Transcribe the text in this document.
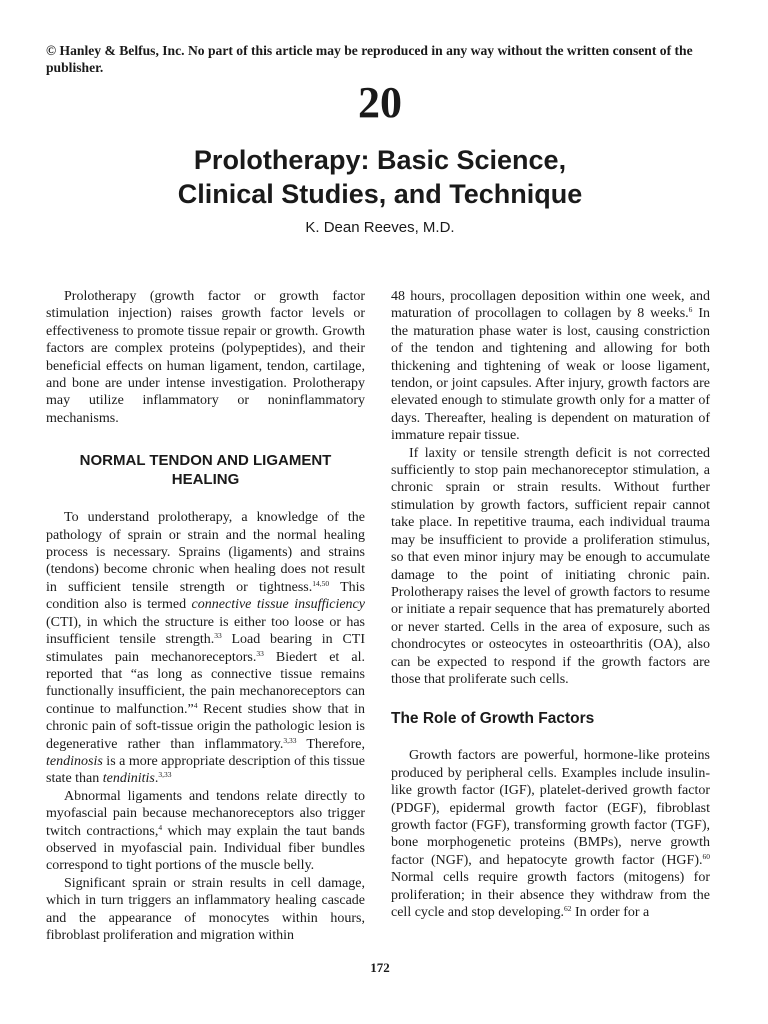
© Hanley & Belfus, Inc. No part of this article may be reproduced in any way without the written consent of the publisher.
20
Prolotherapy: Basic Science,
Clinical Studies, and Technique
K. Dean Reeves, M.D.

Prolotherapy (growth factor or growth factor stimulation injection) raises growth factor levels or effectiveness to promote tissue repair or growth. Growth factors are complex proteins (polypeptides), and their beneficial effects on human ligament, tendon, cartilage, and bone are under intense investigation. Prolotherapy may utilize inflammatory or noninflammatory mechanisms.

NORMAL TENDON AND LIGAMENT HEALING

To understand prolotherapy, a knowledge of the pathology of sprain or strain and the normal healing process is necessary. Sprains (ligaments) and strains (tendons) become chronic when healing does not result in sufficient tensile strength or tightness.$^{14,50}$ This condition also is termed connective tissue insufficiency (CTI), in which the structure is either too loose or has insufficient tensile strength.$^{33}$ Load bearing in CTI stimulates pain mechanoreceptors.$^{33}$ Biedert et al. reported that “as long as connective tissue remains functionally insufficient, the pain mechanoreceptors can continue to malfunction.”$^4$ Recent studies show that in chronic pain of soft-tissue origin the pathologic lesion is degenerative rather than inflammatory.$^{3,33}$ Therefore, tendinosis is a more appropriate description of this tissue state than tendinitis.$^{3,33}$

Abnormal ligaments and tendons relate directly to myofascial pain because mechanoreceptors also trigger twitch contractions,$^4$ which may explain the taut bands observed in myofascial pain. Individual fiber bundles correspond to tight portions of the muscle belly.

Significant sprain or strain results in cell damage, which in turn triggers an inflammatory healing cascade and the appearance of monocytes within hours, fibroblast proliferation and migration within

48 hours, procollagen deposition within one week, and maturation of procollagen to collagen by 8 weeks.$^6$ In the maturation phase water is lost, causing constriction of the tendon and tightening and allowing for both thickening and tightening of weak or loose ligament, tendon, or joint capsules. After injury, growth factors are elevated enough to stimulate growth only for a matter of days. Thereafter, healing is dependent on maturation of immature repair tissue.

If laxity or tensile strength deficit is not corrected sufficiently to stop pain mechanoreceptor stimulation, a chronic sprain or strain results. Without further stimulation by growth factors, sufficient repair cannot take place. In repetitive trauma, each individual trauma may be insufficient to provide a proliferation stimulus, so that even minor injury may be enough to accumulate damage to the point of initiating chronic pain. Prolotherapy raises the level of growth factors to resume or initiate a repair sequence that has prematurely aborted or never started. Cells in the area of exposure, such as chondrocytes or osteocytes in osteoarthritis (OA), also can be expected to respond if the growth factors are those that proliferate such cells.

The Role of Growth Factors

Growth factors are powerful, hormone-like proteins produced by peripheral cells. Examples include insulin-like growth factor (IGF), platelet-derived growth factor (PDGF), epidermal growth factor (EGF), fibroblast growth factor (FGF), transforming growth factor (TGF), bone morphogenetic proteins (BMPs), nerve growth factor (NGF), and hepatocyte growth factor (HGF).$^{60}$ Normal cells require growth factors (mitogens) for proliferation; in their absence they withdraw from the cell cycle and stop developing.$^{62}$ In order for a

172
